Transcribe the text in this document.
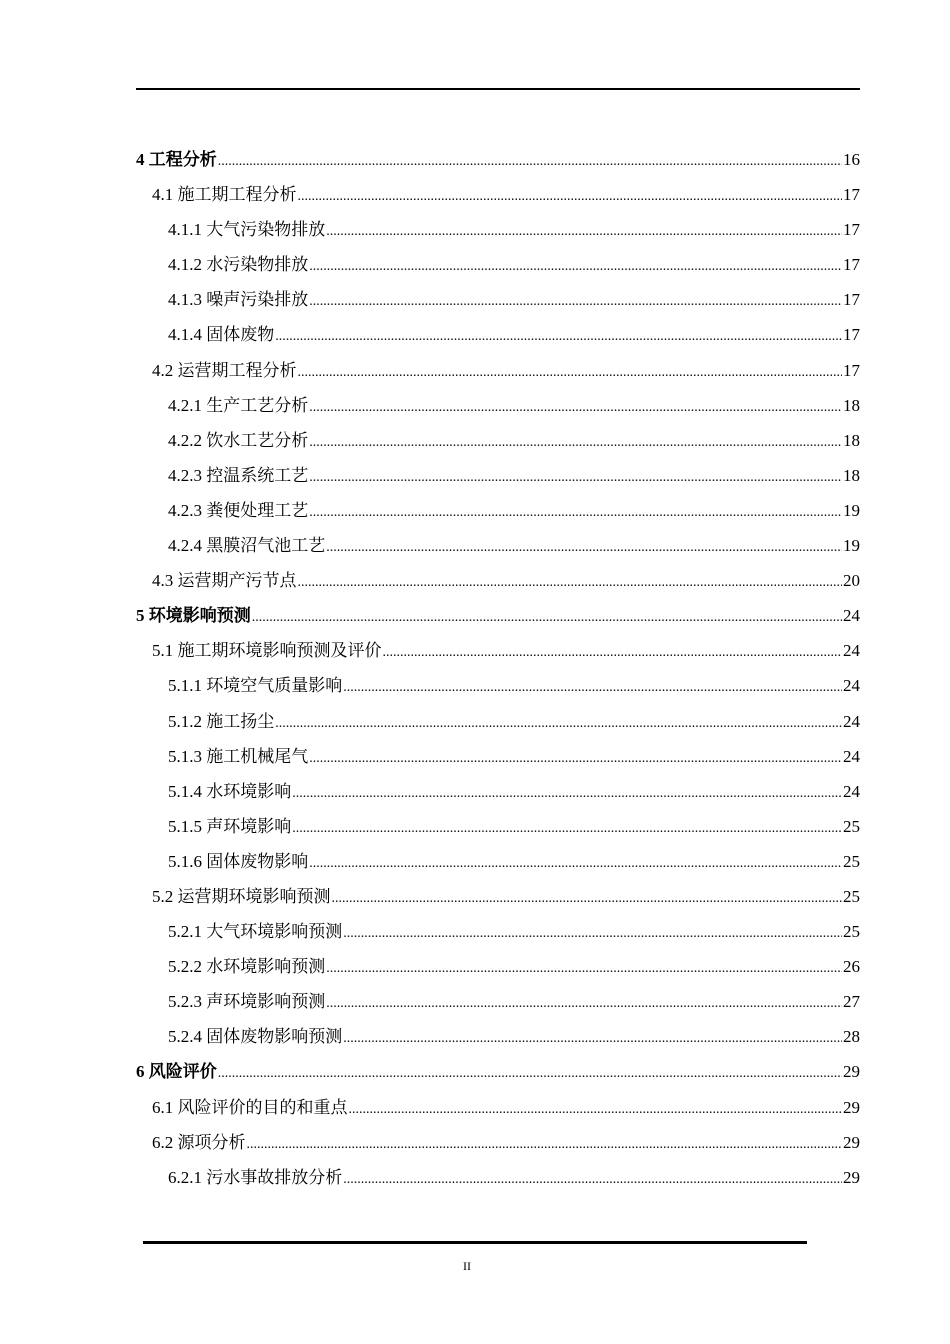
4 工程分析 .....	16
4.1 施工期工程分析 .....	17
4.1.1 大气污染物排放 .....	17
4.1.2 水污染物排放 .....	17
4.1.3 噪声污染排放 .....	17
4.1.4 固体废物 .....	17
4.2 运营期工程分析 .....	17
4.2.1 生产工艺分析 .....	18
4.2.2 饮水工艺分析 .....	18
4.2.3 控温系统工艺 .....	18
4.2.3 粪便处理工艺 .....	19
4.2.4 黑膜沼气池工艺 .....	19
4.3 运营期产污节点 .....	20
5 环境影响预测 .....	24
5.1 施工期环境影响预测及评价 .....	24
5.1.1 环境空气质量影响 .....	24
5.1.2 施工扬尘 .....	24
5.1.3 施工机械尾气 .....	24
5.1.4 水环境影响 .....	24
5.1.5 声环境影响 .....	25
5.1.6 固体废物影响 .....	25
5.2 运营期环境影响预测 .....	25
5.2.1 大气环境影响预测 .....	25
5.2.2 水环境影响预测 .....	26
5.2.3 声环境影响预测 .....	27
5.2.4 固体废物影响预测 .....	28
6 风险评价 .....	29
6.1 风险评价的目的和重点 .....	29
6.2 源项分析 .....	29
6.2.1 污水事故排放分析 .....	29
II
